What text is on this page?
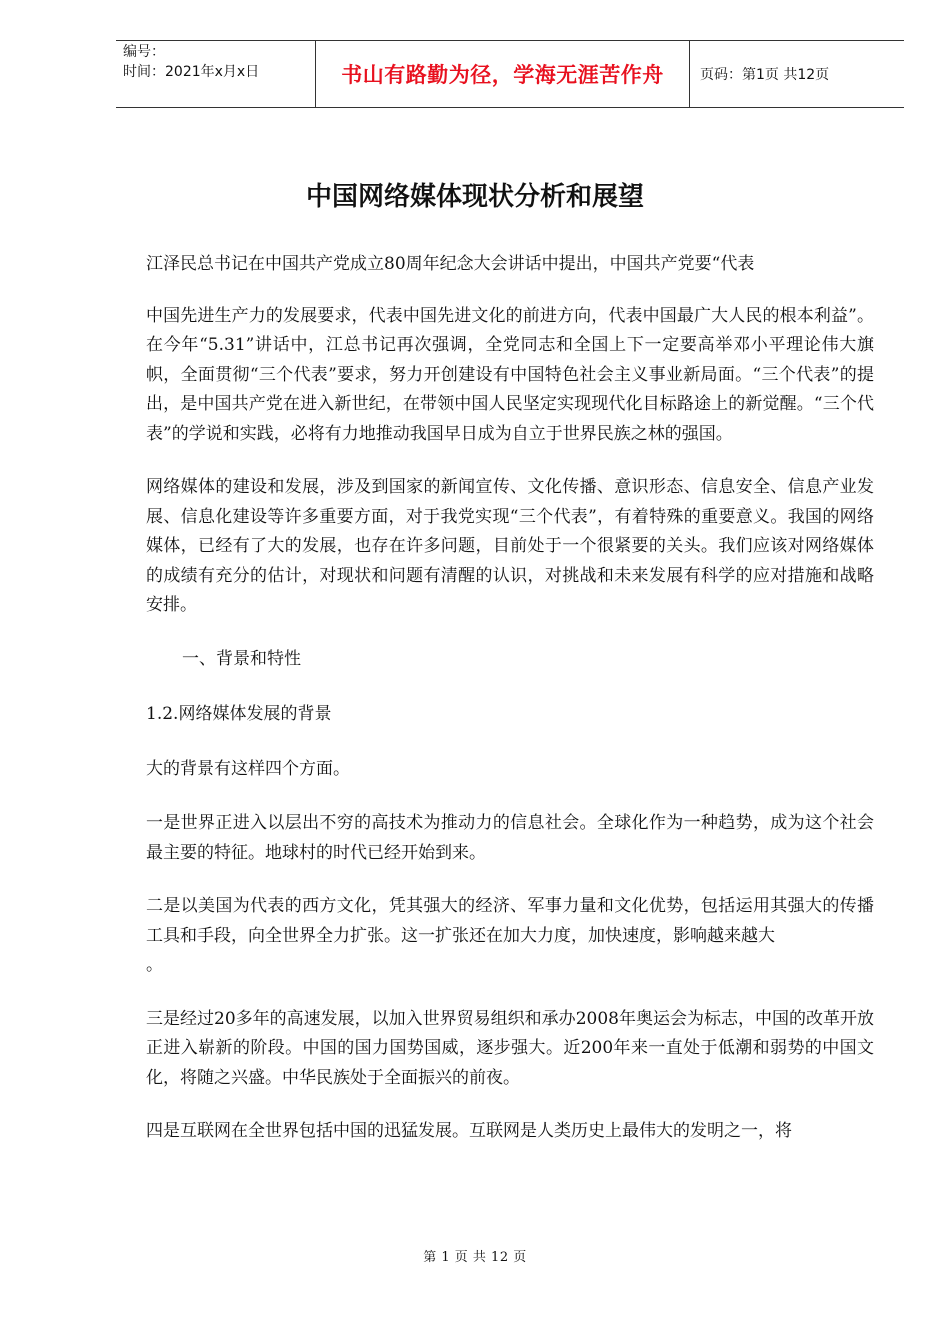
编号：
时间：2021年x月x日	书山有路勤为径，学海无涯苦作舟	页码：第1页 共12页
中国网络媒体现状分析和展望

江泽民总书记在中国共产党成立80周年纪念大会讲话中提出，中国共产党要“代表

中国先进生产力的发展要求，代表中国先进文化的前进方向，代表中国最广大人民的根本利益”。在今年“5.31”讲话中，江总书记再次强调，全党同志和全国上下一定要高举邓小平理论伟大旗帜，全面贯彻“三个代表”要求，努力开创建设有中国特色社会主义事业新局面。“三个代表”的提出，是中国共产党在进入新世纪，在带领中国人民坚定实现现代化目标路途上的新觉醒。“三个代表”的学说和实践，必将有力地推动我国早日成为自立于世界民族之林的强国。

网络媒体的建设和发展，涉及到国家的新闻宣传、文化传播、意识形态、信息安全、信息产业发展、信息化建设等许多重要方面，对于我党实现“三个代表”，有着特殊的重要意义。我国的网络媒体，已经有了大的发展，也存在许多问题，目前处于一个很紧要的关头。我们应该对网络媒体的成绩有充分的估计，对现状和问题有清醒的认识，对挑战和未来发展有科学的应对措施和战略安排。

一、背景和特性

1.2.网络媒体发展的背景

大的背景有这样四个方面。

一是世界正进入以层出不穷的高技术为推动力的信息社会。全球化作为一种趋势，成为这个社会最主要的特征。地球村的时代已经开始到来。

二是以美国为代表的西方文化，凭其强大的经济、军事力量和文化优势，包括运用其强大的传播工具和手段，向全世界全力扩张。这一扩张还在加大力度，加快速度，影响越来越大

。

三是经过20多年的高速发展，以加入世界贸易组织和承办2008年奥运会为标志，中国的改革开放正进入崭新的阶段。中国的国力国势国威，逐步强大。近200年来一直处于低潮和弱势的中国文化，将随之兴盛。中华民族处于全面振兴的前夜。

四是互联网在全世界包括中国的迅猛发展。互联网是人类历史上最伟大的发明之一，将

第 1 页 共 12 页
